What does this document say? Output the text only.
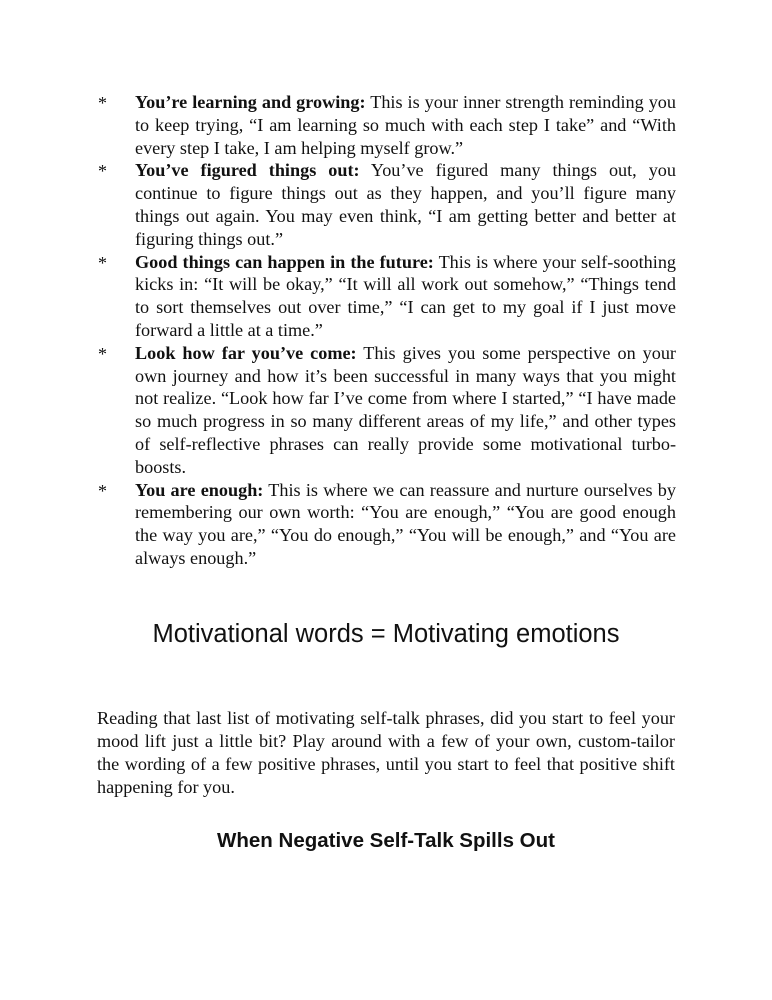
* You’re learning and growing: This is your inner strength reminding you to keep trying, “I am learning so much with each step I take” and “With every step I take, I am helping myself grow.”
* You’ve figured things out: You’ve figured many things out, you continue to figure things out as they happen, and you’ll figure many things out again. You may even think, “I am getting better and better at figuring things out.”
* Good things can happen in the future: This is where your self-soothing kicks in: “It will be okay,” “It will all work out somehow,” “Things tend to sort themselves out over time,” “I can get to my goal if I just move forward a little at a time.”
* Look how far you’ve come: This gives you some perspective on your own journey and how it’s been successful in many ways that you might not realize. “Look how far I’ve come from where I started,” “I have made so much progress in so many different areas of my life,” and other types of self-reflective phrases can really provide some motivational turbo-boosts.
* You are enough: This is where we can reassure and nurture ourselves by remembering our own worth: “You are enough,” “You are good enough the way you are,” “You do enough,” “You will be enough,” and “You are always enough.”
Motivational words = Motivating emotions

Reading that last list of motivating self-talk phrases, did you start to feel your mood lift just a little bit? Play around with a few of your own, custom-tailor the wording of a few positive phrases, until you start to feel that positive shift happening for you.

When Negative Self-Talk Spills Out
